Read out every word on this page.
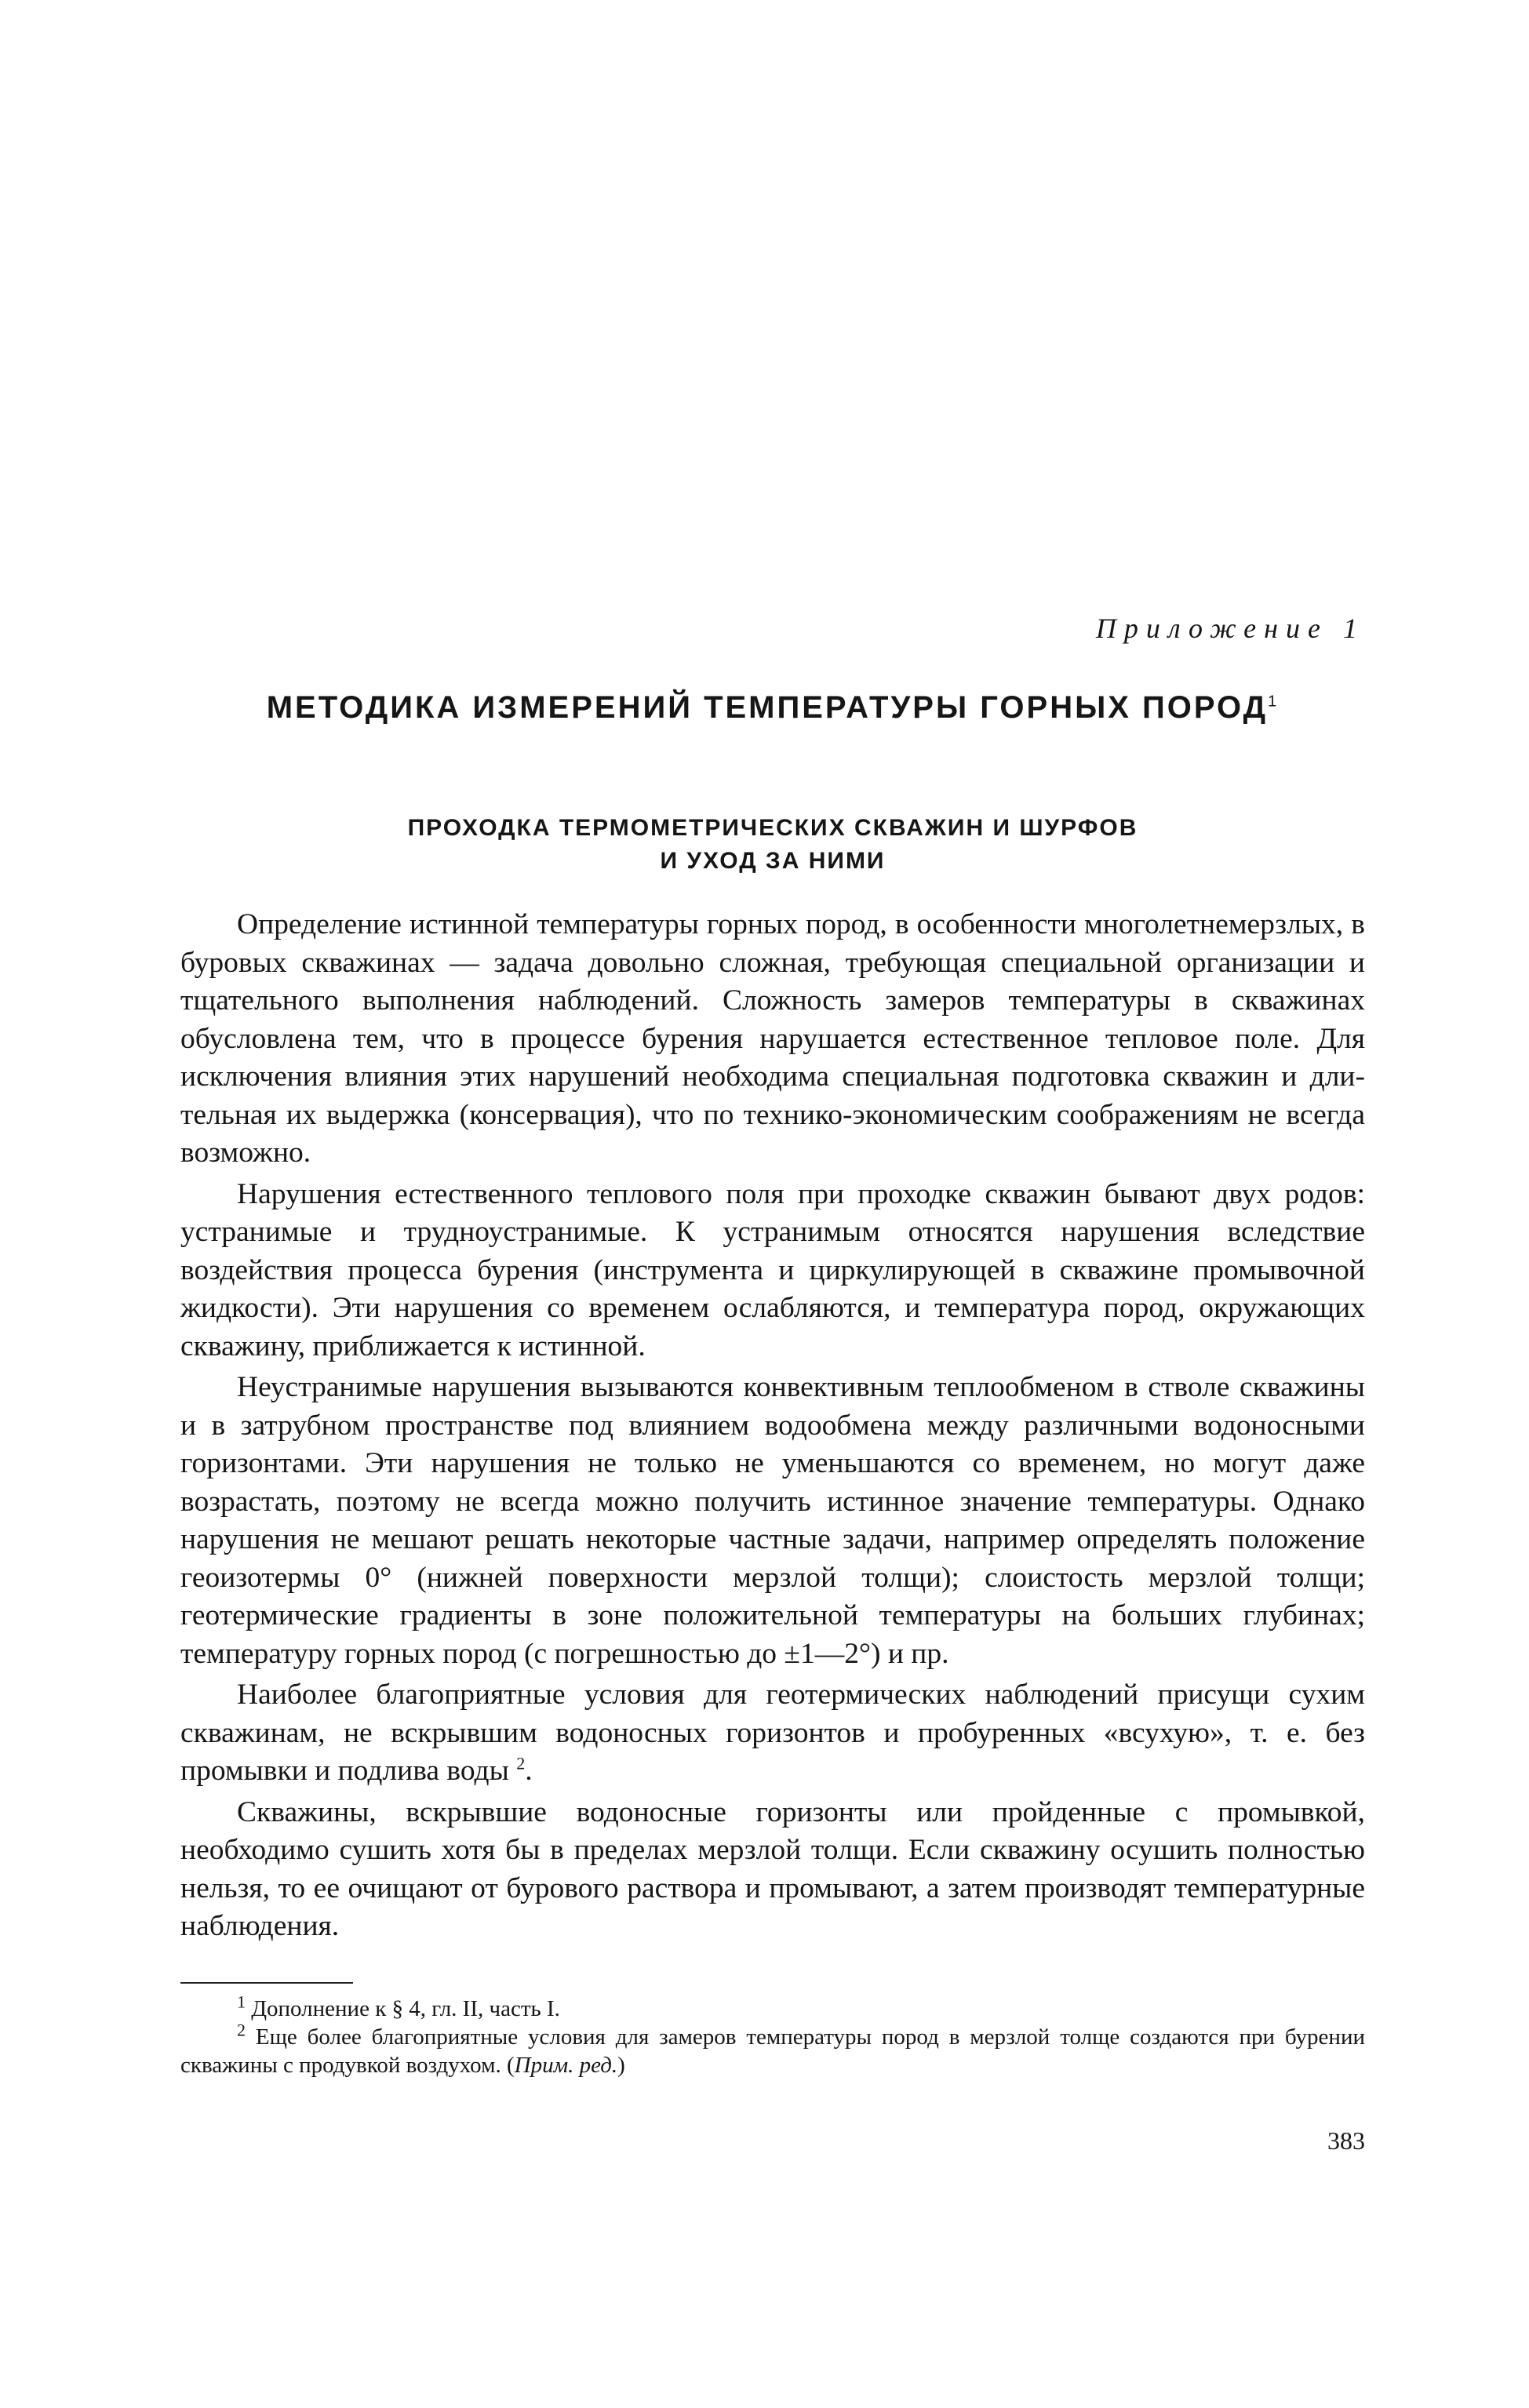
Приложение 1
МЕТОДИКА ИЗМЕРЕНИЙ ТЕМПЕРАТУРЫ ГОРНЫХ ПОРОД$^1$
ПРОХОДКА ТЕРМОМЕТРИЧЕСКИХ СКВАЖИН И ШУРФОВ
И УХОД ЗА НИМИ

Определение истинной температуры горных пород, в особенности многолетнемерзлых, в буровых скважинах — задача довольно сложная, требующая специальной организации и тщательного выполнения наблюдений. Сложность замеров температуры в скважинах обусловлена тем, что в процессе бурения нарушается естественное тепловое поле. Для исключения влияния этих нарушений необходима специальная подготовка скважин и длительная их выдержка (консервация), что по технико-экономическим соображениям не всегда возможно.

Нарушения естественного теплового поля при проходке скважин бывают двух родов: устранимые и трудноустранимые. К устранимым относятся нарушения вследствие воздействия процесса бурения (инструмента и циркулирующей в скважине промывочной жидкости). Эти нарушения со временем ослабляются, и температура пород, окружающих скважину, приближается к истинной.

Неустранимые нарушения вызываются конвективным теплообменом в стволе скважины и в затрубном пространстве под влиянием водообмена между различными водоносными горизонтами. Эти нарушения не только не уменьшаются со временем, но могут даже возрастать, поэтому не всегда можно получить истинное значение температуры. Однако нарушения не мешают решать некоторые частные задачи, например определять положение геоизотермы 0° (нижней поверхности мерзлой толщи); слоистость мерзлой толщи; геотермические градиенты в зоне положительной температуры на больших глубинах; температуру горных пород (с погрешностью до ±1—2°) и пр.

Наиболее благоприятные условия для геотермических наблюдений присущи сухим скважинам, не вскрывшим водоносных горизонтов и пробуренных «всухую», т. е. без промывки и подлива воды $^2$.

Скважины, вскрывшие водоносные горизонты или пройденные с промывкой, необходимо сушить хотя бы в пределах мерзлой толщи. Если скважину осушить полностью нельзя, то ее очищают от бурового раствора и промывают, а затем производят температурные наблюдения.

$^1$ Дополнение к § 4, гл. II, часть I.

$^2$ Еще более благоприятные условия для замеров температуры пород в мерзлой толще создаются при бурении скважины с продувкой воздухом. (Прим. ред.)

383
